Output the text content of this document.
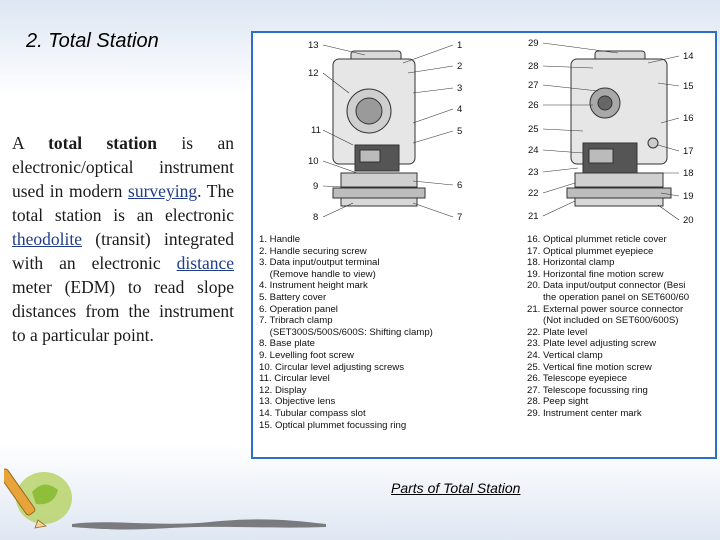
2. Total Station
A total station is an electronic/optical instrument used in modern surveying. The total station is an electronic theodolite (transit) integrated with an electronic distance meter (EDM) to read slope distances from the instrument to a particular point.
13
12
11
10
9
8
1
2
3
4
5
6
7
29
28
27
26
25
24
23
22
21
14
15
16
17
18
19
20
1. Handle
2. Handle securing screw
3. Data input/output terminal
(Remove handle to view)
4. Instrument height mark
5. Battery cover
6. Operation panel
7. Tribrach clamp
(SET300S/500S/600S: Shifting clamp)
8. Base plate
9. Levelling foot screw
10. Circular level adjusting screws
11. Circular level
12. Display
13. Objective lens
14. Tubular compass slot
15. Optical plummet focussing ring
16. Optical plummet reticle cover
17. Optical plummet eyepiece
18. Horizontal clamp
19. Horizontal fine motion screw
20. Data input/output connector (Besi
the operation panel on SET600/60
21. External power source connector
(Not included on SET600/600S)
22. Plate level
23. Plate level adjusting screw
24. Vertical clamp
25. Vertical fine motion screw
26. Telescope eyepiece
27. Telescope focussing ring
28. Peep sight
29. Instrument center mark
Parts of Total Station
